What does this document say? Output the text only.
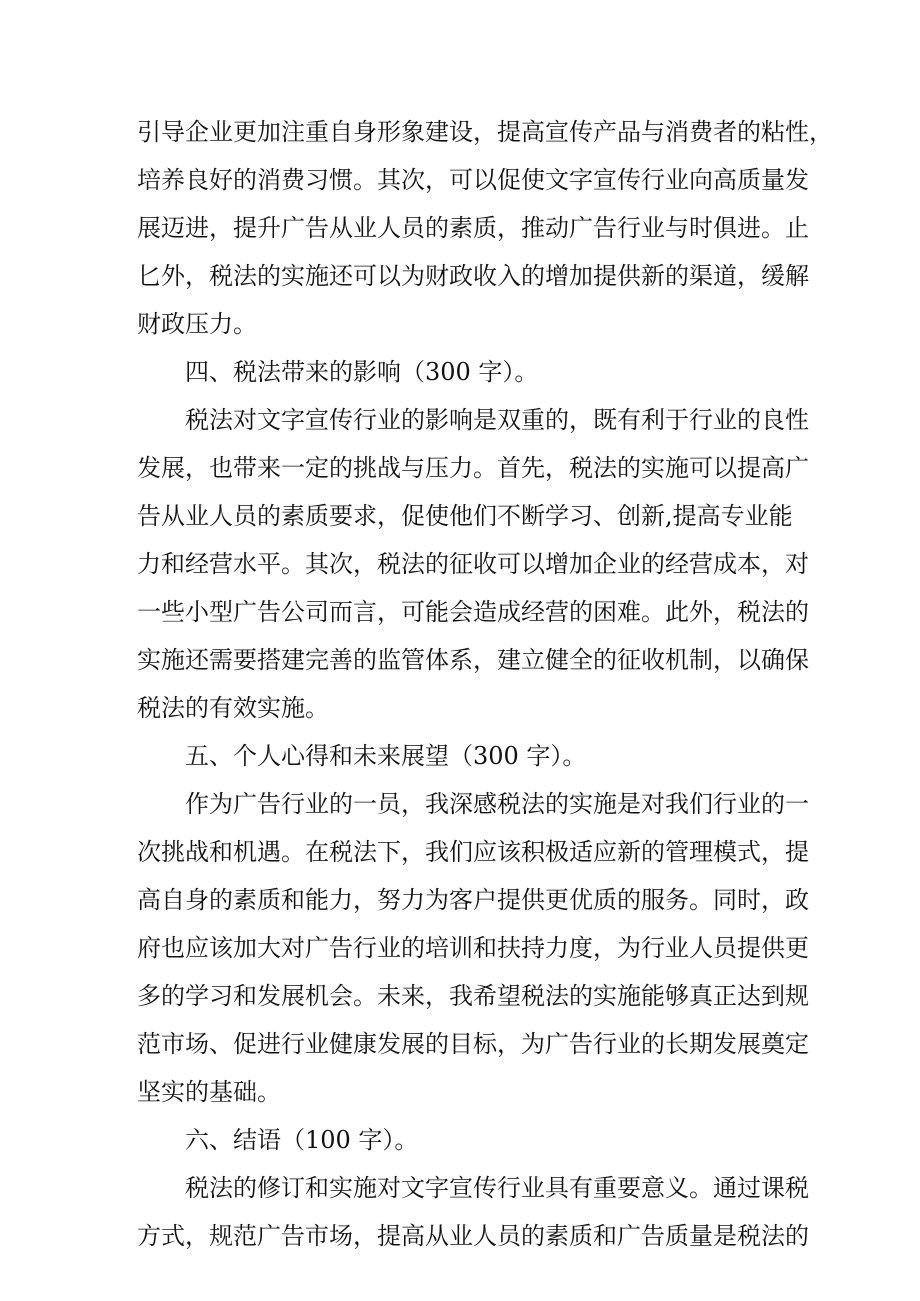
引导企业更加注重自身形象建设，提高宣传产品与消费者的粘性，
培养良好的消费习惯。其次，可以促使文字宣传行业向高质量发
展迈进，提升广告从业人员的素质，推动广告行业与时俱进。止
匕外，税法的实施还可以为财政收入的增加提供新的渠道，缓解
财政压力。

四、税法带来的影响（300 字）。

税法对文字宣传行业的影响是双重的，既有利于行业的良性
发展，也带来一定的挑战与压力。首先，税法的实施可以提高广
告从业人员的素质要求，促使他们不断学习、创新,提高专业能
力和经营水平。其次，税法的征收可以增加企业的经营成本，对
一些小型广告公司而言，可能会造成经营的困难。此外，税法的
实施还需要搭建完善的监管体系，建立健全的征收机制，以确保
税法的有效实施。

五、个人心得和未来展望（300 字）。

作为广告行业的一员，我深感税法的实施是对我们行业的一
次挑战和机遇。在税法下，我们应该积极适应新的管理模式，提
高自身的素质和能力，努力为客户提供更优质的服务。同时，政
府也应该加大对广告行业的培训和扶持力度，为行业人员提供更
多的学习和发展机会。未来，我希望税法的实施能够真正达到规
范市场、促进行业健康发展的目标，为广告行业的长期发展奠定
坚实的基础。

六、结语（100 字）。

税法的修订和实施对文字宣传行业具有重要意义。通过课税
方式，规范广告市场，提高从业人员的素质和广告质量是税法的
